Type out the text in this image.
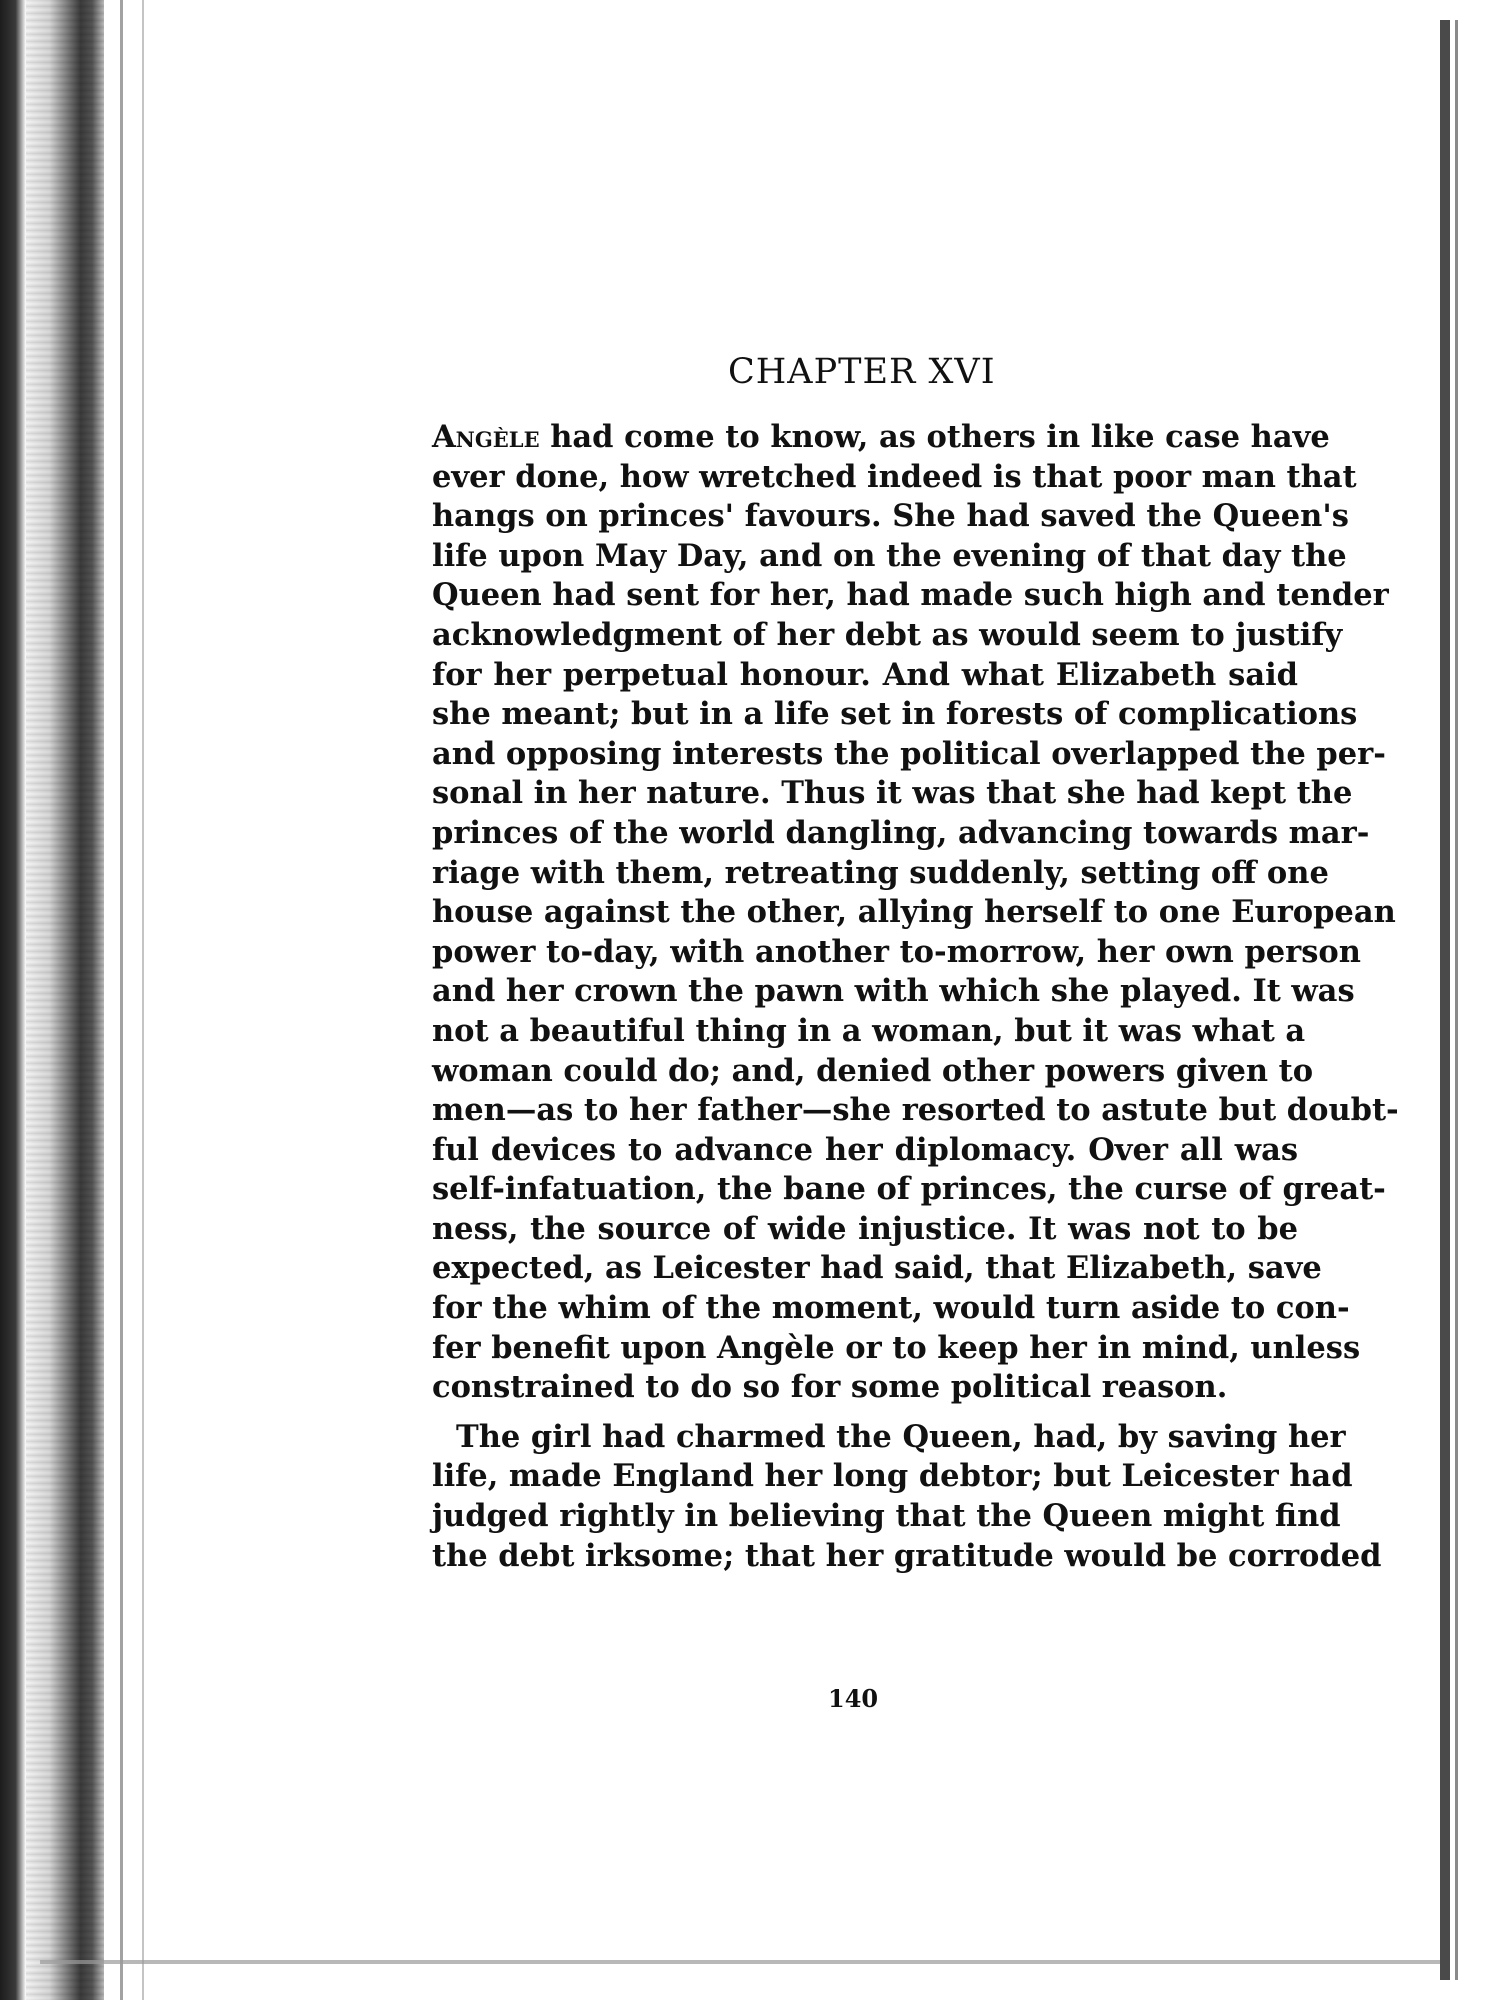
CHAPTER XVI
Angèle had come to know, as others in like case have
ever done, how wretched indeed is that poor man that
hangs on princes' favours. She had saved the Queen's
life upon May Day, and on the evening of that day the
Queen had sent for her, had made such high and tender
acknowledgment of her debt as would seem to justify
for her perpetual honour. And what Elizabeth said
she meant; but in a life set in forests of complications
and opposing interests the political overlapped the per-
sonal in her nature. Thus it was that she had kept the
princes of the world dangling, advancing towards mar-
riage with them, retreating suddenly, setting off one
house against the other, allying herself to one European
power to-day, with another to-morrow, her own person
and her crown the pawn with which she played. It was
not a beautiful thing in a woman, but it was what a
woman could do; and, denied other powers given to
men—as to her father—she resorted to astute but doubt-
ful devices to advance her diplomacy. Over all was
self-infatuation, the bane of princes, the curse of great-
ness, the source of wide injustice. It was not to be
expected, as Leicester had said, that Elizabeth, save
for the whim of the moment, would turn aside to con-
fer benefit upon Angèle or to keep her in mind, unless
constrained to do so for some political reason.
The girl had charmed the Queen, had, by saving her
life, made England her long debtor; but Leicester had
judged rightly in believing that the Queen might find
the debt irksome; that her gratitude would be corroded
140
